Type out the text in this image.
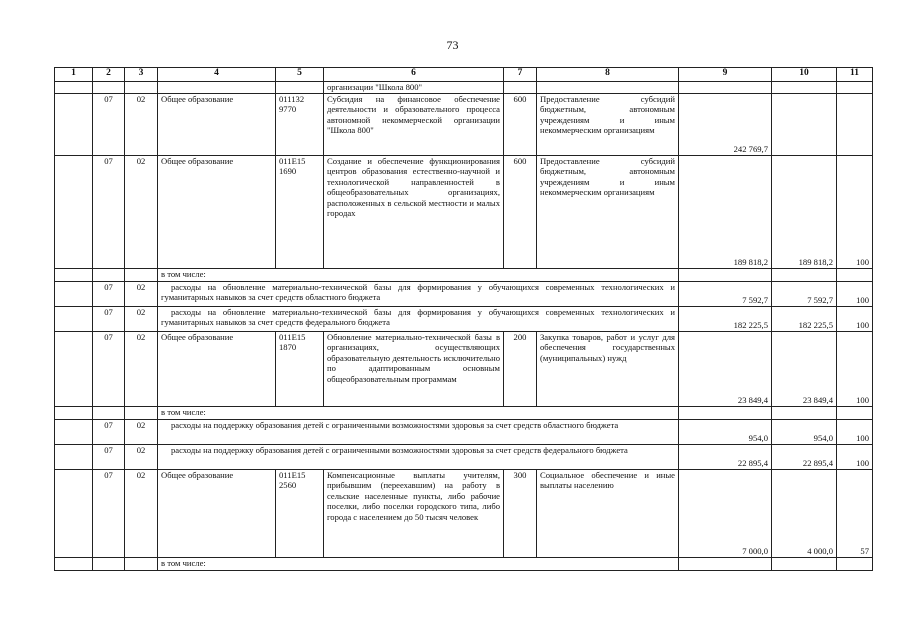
73
1	2	3	4	5	6	7	8	9	10	11
					организации "Школа 800"					
	07	02	Общее образование	011132 9770	Субсидия на финансовое обеспечение деятельности и образовательного процесса автономной некоммерческой организации "Школа 800"	600	Предоставление субсидий бюджетным, автономным учреждениям и иным некоммерческим организациям	242 769,7		
	07	02	Общее образование	011E15 1690	Создание и обеспечение функционирования центров образования естественно-научной и технологической направленностей в общеобразовательных организациях, расположенных в сельской местности и малых городах	600	Предоставление субсидий бюджетным, автономным учреждениям и иным некоммерческим организациям	189 818,2	189 818,2	100
			в том числе:							
	07	02	расходы на обновление материально-технической базы для формирования у обучающихся современных технологических и гуманитарных навыков за счет средств областного бюджета					7 592,7	7 592,7	100
	07	02	расходы на обновление материально-технической базы для формирования у обучающихся современных технологических и гуманитарных навыков за счет средств федерального бюджета					182 225,5	182 225,5	100
	07	02	Общее образование	011E15 1870	Обновление материально-технической базы в организациях, осуществляющих образовательную деятельность исключительно по адаптированным основным общеобразовательным программам	200	Закупка товаров, работ и услуг для обеспечения государственных (муниципальных) нужд	23 849,4	23 849,4	100
			в том числе:							
	07	02	расходы на поддержку образования детей с ограниченными возможностями здоровья за счет средств областного бюджета					954,0	954,0	100
	07	02	расходы на поддержку образования детей с ограниченными возможностями здоровья за счет средств федерального бюджета					22 895,4	22 895,4	100
	07	02	Общее образование	011E15 2560	Компенсационные выплаты учителям, прибывшим (переехавшим) на работу в сельские населенные пункты, либо рабочие поселки, либо поселки городского типа, либо города с населением до 50 тысяч человек	300	Социальное обеспечение и иные выплаты населению	7 000,0	4 000,0	57
			в том числе:							
